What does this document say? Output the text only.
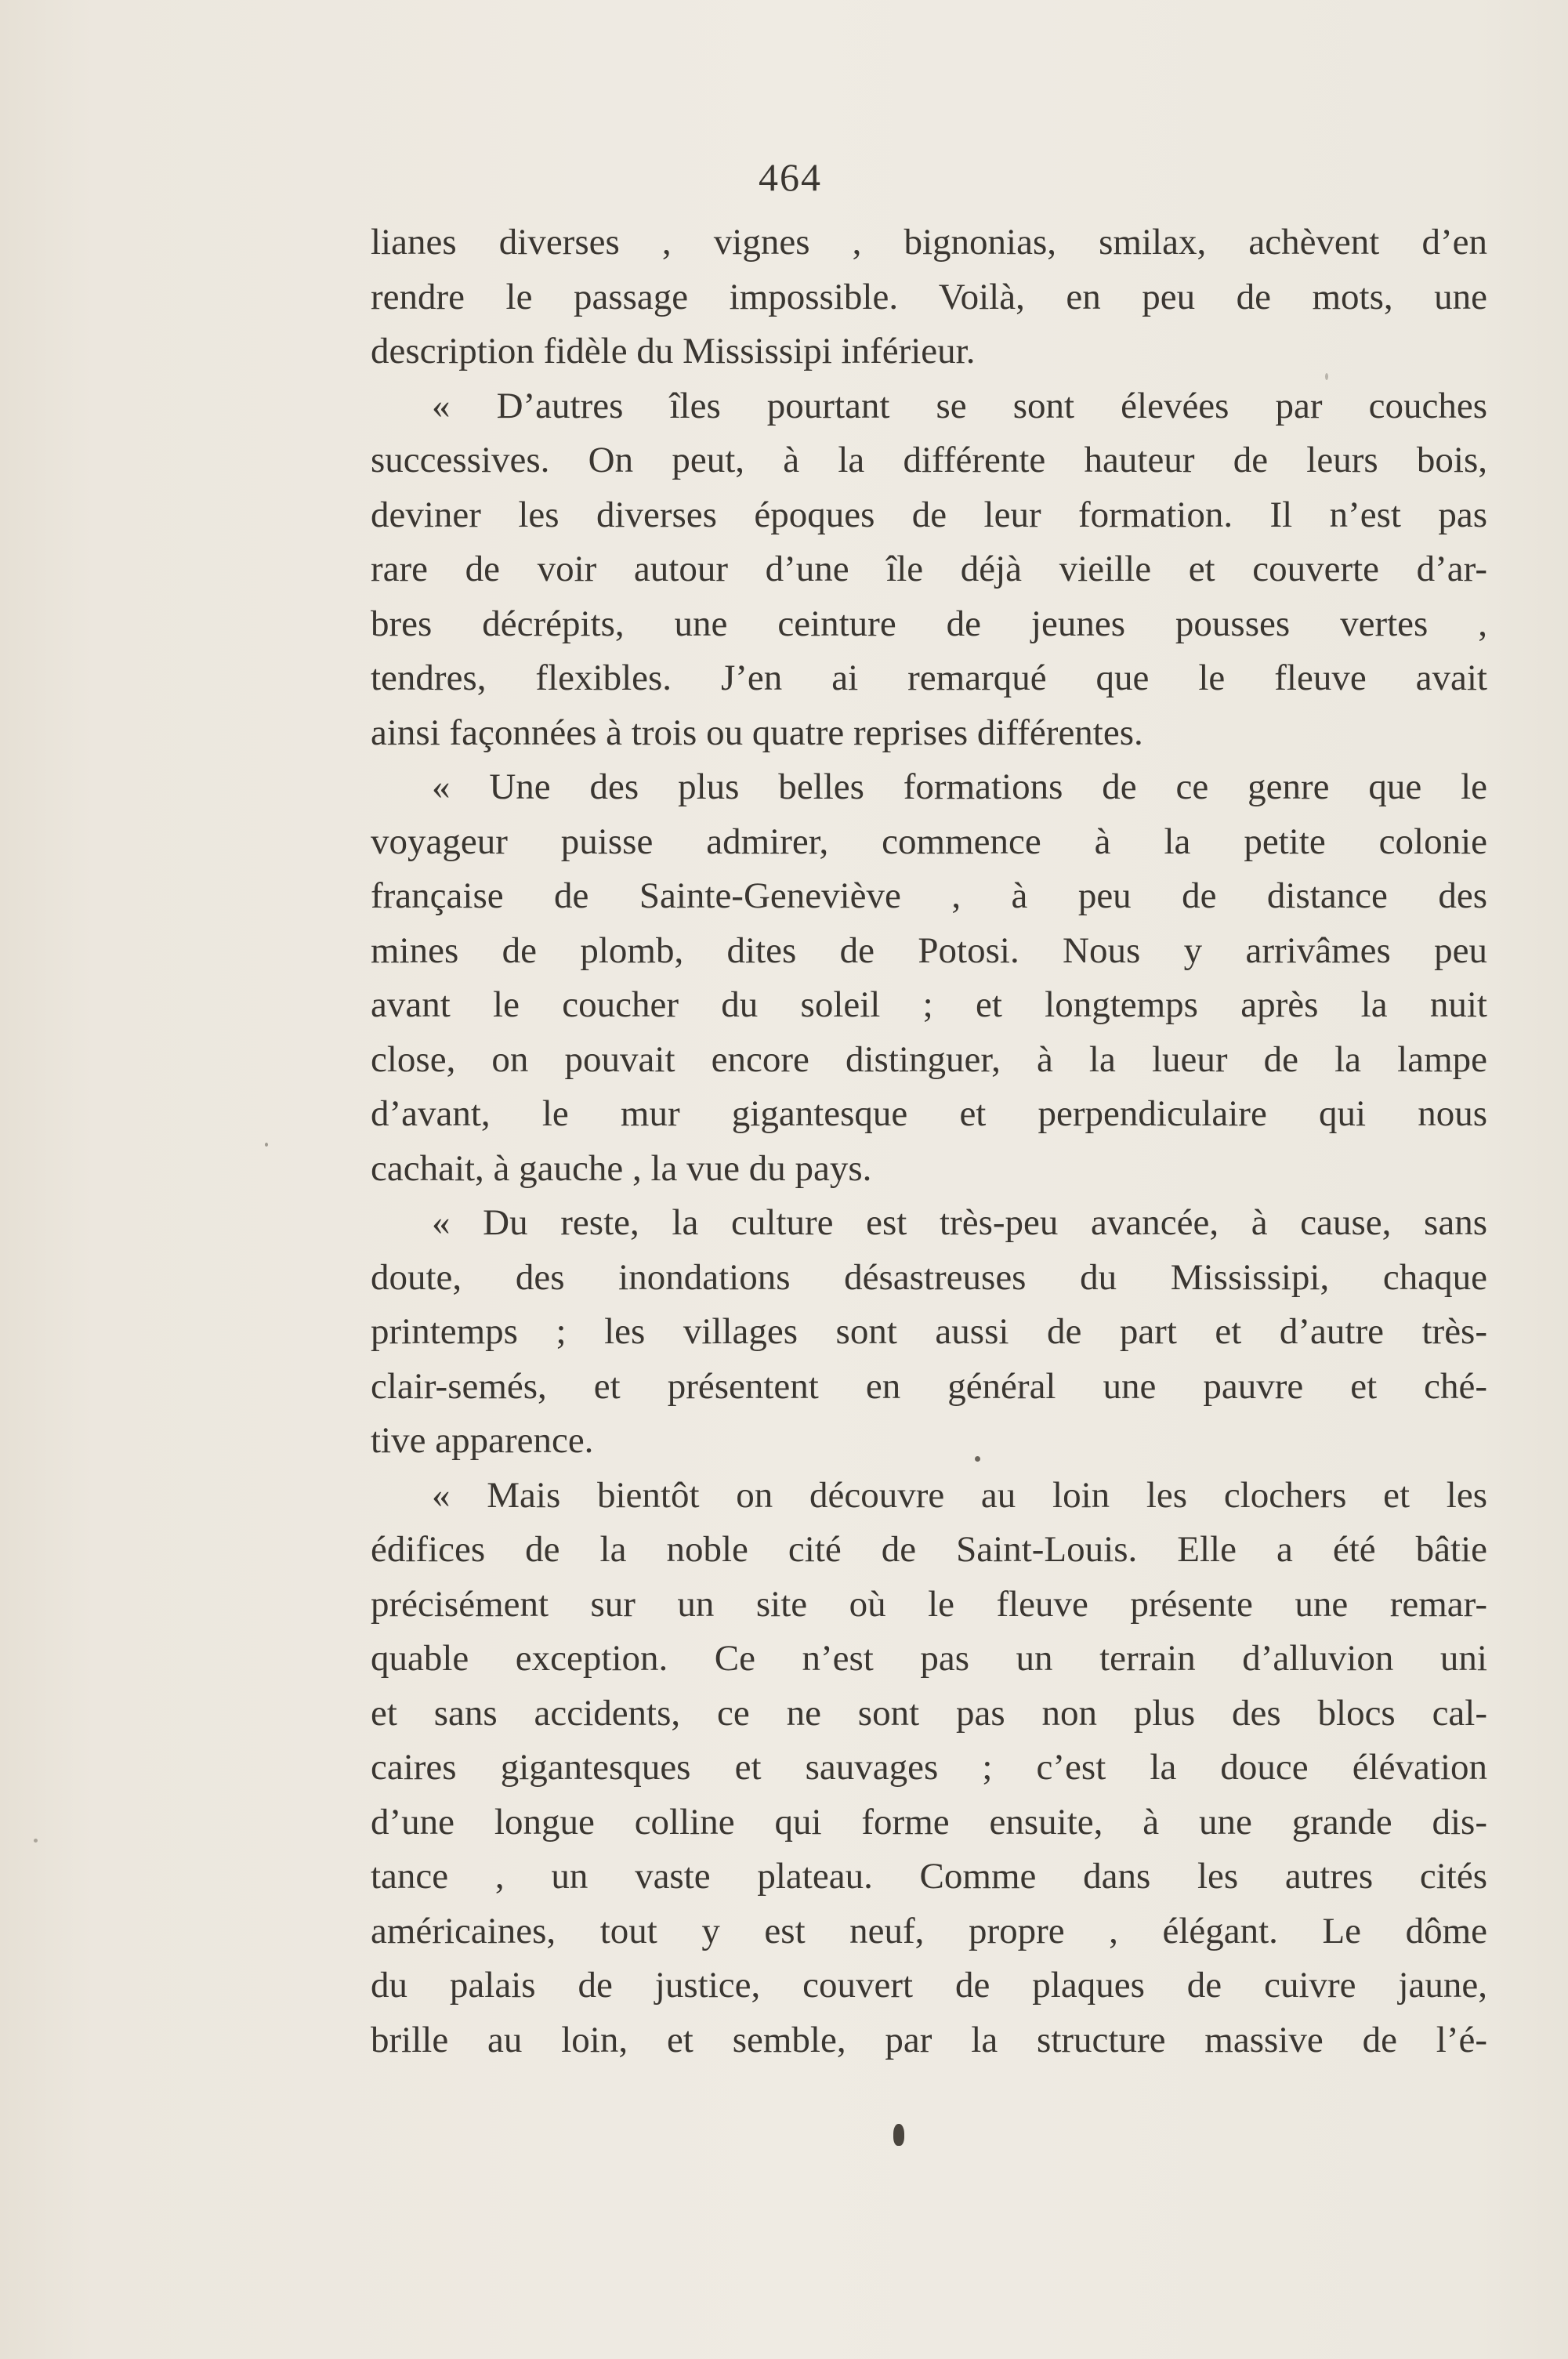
464
lianes diverses , vignes , bignonias, smilax, achèvent d’en
rendre le passage impossible. Voilà, en peu de mots, une
description fidèle du Mississipi inférieur.
« D’autres îles pourtant se sont élevées par couches
successives. On peut, à la différente hauteur de leurs bois,
deviner les diverses époques de leur formation. Il n’est pas
rare de voir autour d’une île déjà vieille et couverte d’ar-
bres décrépits, une ceinture de jeunes pousses vertes ,
tendres, flexibles. J’en ai remarqué que le fleuve avait
ainsi façonnées à trois ou quatre reprises différentes.
« Une des plus belles formations de ce genre que le
voyageur puisse admirer, commence à la petite colonie
française de Sainte-Geneviève , à peu de distance des
mines de plomb, dites de Potosi. Nous y arrivâmes peu
avant le coucher du soleil ; et longtemps après la nuit
close, on pouvait encore distinguer, à la lueur de la lampe
d’avant, le mur gigantesque et perpendiculaire qui nous
cachait, à gauche , la vue du pays.
« Du reste, la culture est très-peu avancée, à cause, sans
doute, des inondations désastreuses du Mississipi, chaque
printemps ; les villages sont aussi de part et d’autre très-
clair-semés, et présentent en général une pauvre et ché-
tive apparence.
« Mais bientôt on découvre au loin les clochers et les
édifices de la noble cité de Saint-Louis. Elle a été bâtie
précisément sur un site où le fleuve présente une remar-
quable exception. Ce n’est pas un terrain d’alluvion uni
et sans accidents, ce ne sont pas non plus des blocs cal-
caires gigantesques et sauvages ; c’est la douce élévation
d’une longue colline qui forme ensuite, à une grande dis-
tance , un vaste plateau. Comme dans les autres cités
américaines, tout y est neuf, propre , élégant. Le dôme
du palais de justice, couvert de plaques de cuivre jaune,
brille au loin, et semble, par la structure massive de l’é-
